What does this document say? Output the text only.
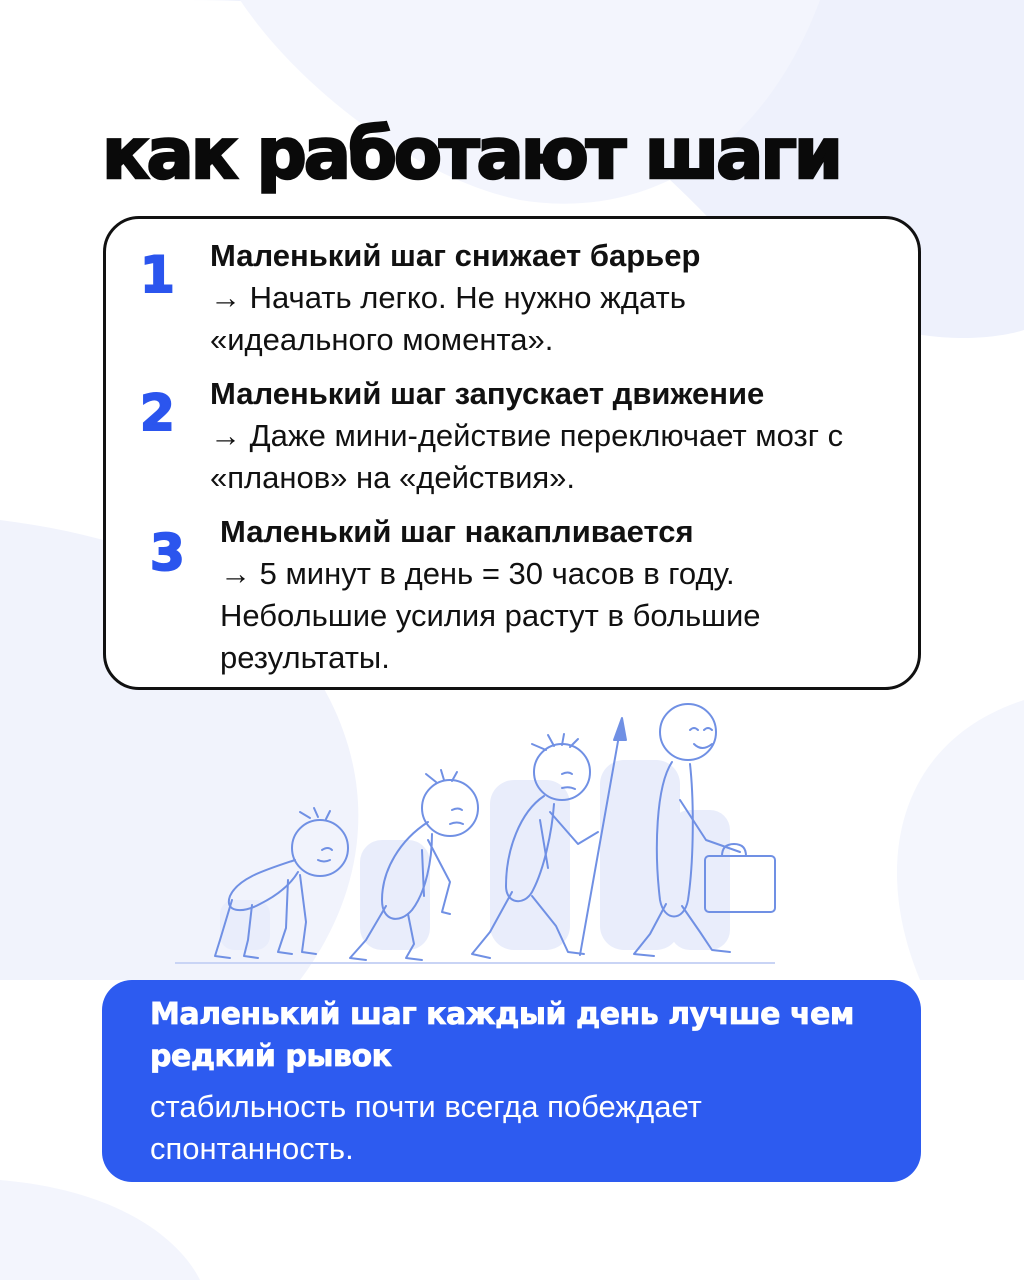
как работают шаги
1 Маленький шаг снижает барьер
→ Начать легко. Не нужно ждать «идеального момента».
2 Маленький шаг запускает движение
→ Даже мини-действие переключает мозг с «планов» на «действия».
3 Маленький шаг накапливается
→ 5 минут в день = 30 часов в году. Небольшие усилия растут в большие результаты.
Маленький шаг каждый день лучше чем редкий рывок
стабильность почти всегда побеждает спонтанность.
